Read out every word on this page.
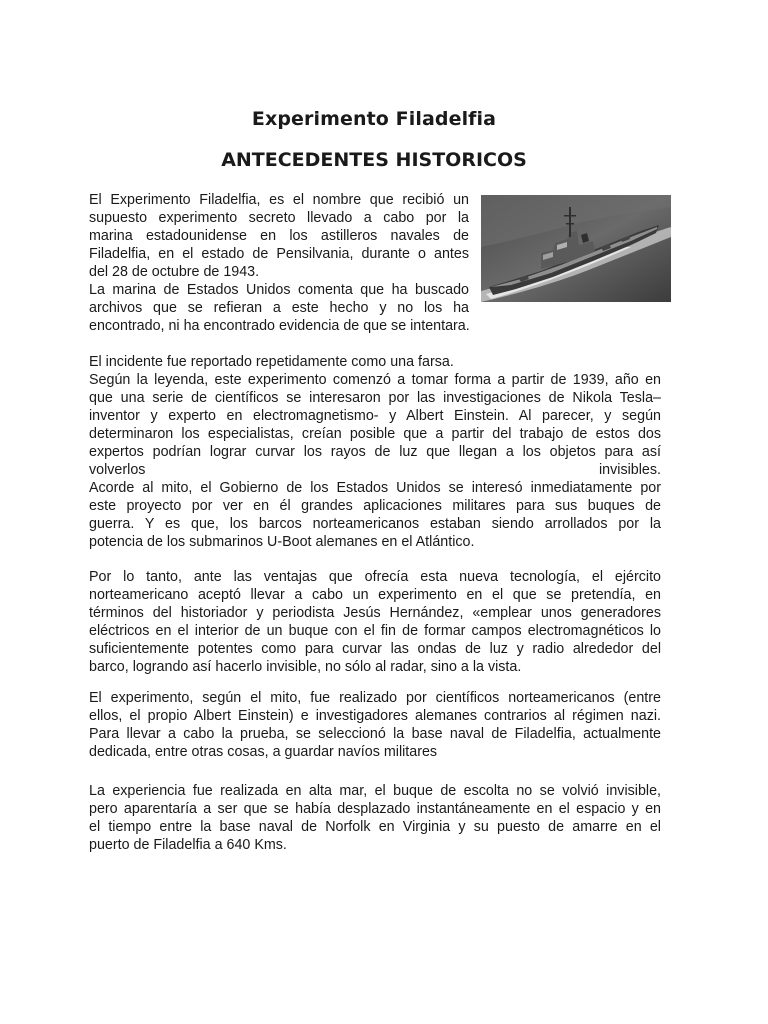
Experimento Filadelfia
ANTECEDENTES HISTORICOS
El Experimento Filadelfia, es el nombre que recibió un
supuesto experimento secreto llevado a cabo por la
marina estadounidense en los astilleros navales de
Filadelfia, en el estado de Pensilvania, durante o antes
del 28 de octubre de 1943.
La marina de Estados Unidos comenta que ha buscado
archivos que se refieran a este hecho y no los ha
encontrado, ni ha encontrado evidencia de que se intentara.
El incidente fue reportado repetidamente como una farsa.
Según la leyenda, este experimento comenzó a tomar forma a partir de 1939, año en
que una serie de científicos se interesaron por las investigaciones de Nikola Tesla–
inventor y experto en electromagnetismo- y Albert Einstein. Al parecer, y según
determinaron los especialistas, creían posible que a partir del trabajo de estos dos
expertos podrían lograr curvar los rayos de luz que llegan a los objetos para así
volverlos invisibles.
Acorde al mito, el Gobierno de los Estados Unidos se interesó inmediatamente por
este proyecto por ver en él grandes aplicaciones militares para sus buques de
guerra. Y es que, los barcos norteamericanos estaban siendo arrollados por la
potencia de los submarinos U-Boot alemanes en el Atlántico.
Por lo tanto, ante las ventajas que ofrecía esta nueva tecnología, el ejército
norteamericano aceptó llevar a cabo un experimento en el que se pretendía, en
términos del historiador y periodista Jesús Hernández, «emplear unos generadores
eléctricos en el interior de un buque con el fin de formar campos electromagnéticos lo
suficientemente potentes como para curvar las ondas de luz y radio alrededor del
barco, logrando así hacerlo invisible, no sólo al radar, sino a la vista.
El experimento, según el mito, fue realizado por científicos norteamericanos (entre
ellos, el propio Albert Einstein) e investigadores alemanes contrarios al régimen nazi.
Para llevar a cabo la prueba, se seleccionó la base naval de Filadelfia, actualmente
dedicada, entre otras cosas, a guardar navíos militares
La experiencia fue realizada en alta mar, el buque de escolta no se volvió invisible,
pero aparentaría a ser que se había desplazado instantáneamente en el espacio y en
el tiempo entre la base naval de Norfolk en Virginia y su puesto de amarre en el
puerto de Filadelfia a 640 Kms.
